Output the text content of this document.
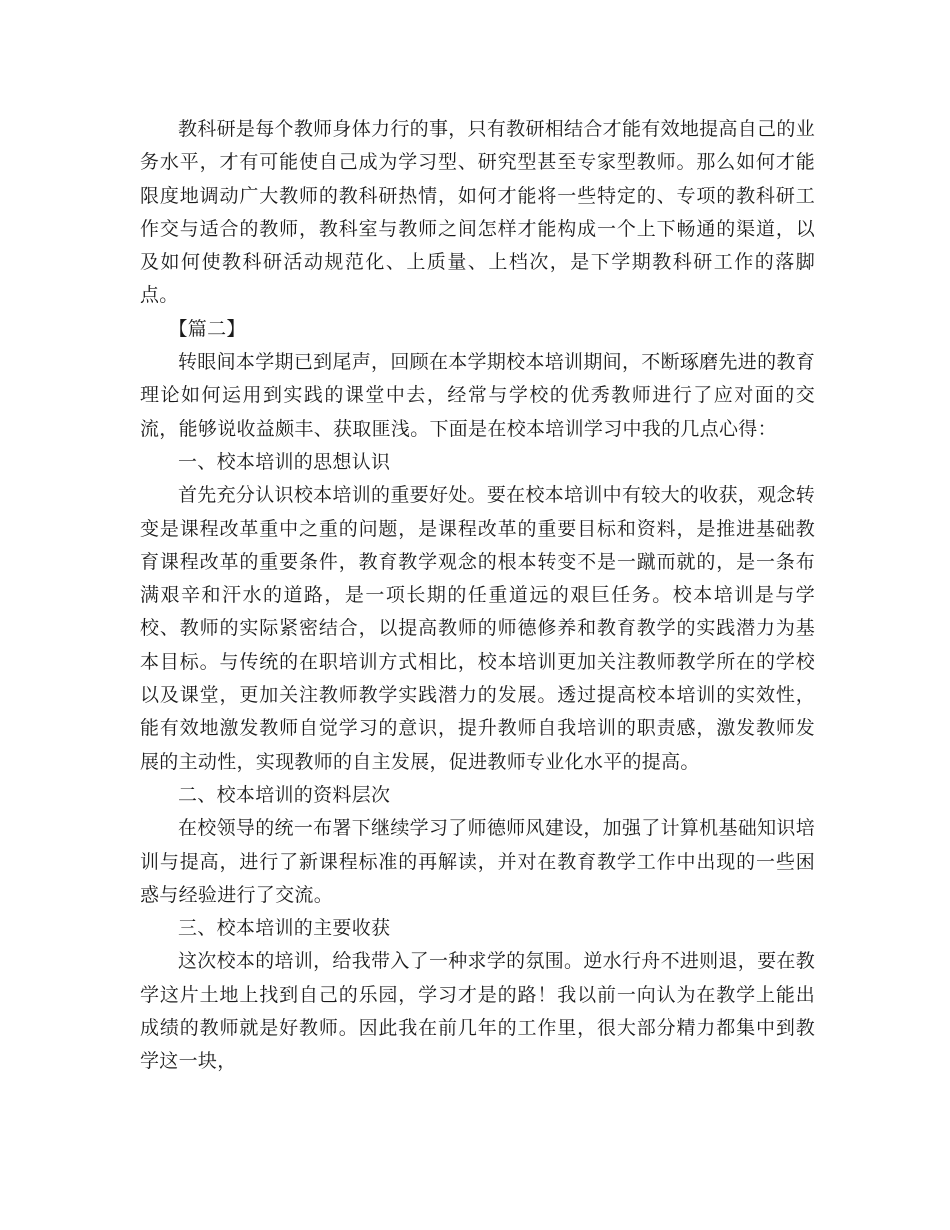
教科研是每个教师身体力行的事，只有教研相结合才能有效地提高自己的业务水平，才有可能使自己成为学习型、研究型甚至专家型教师。那么如何才能限度地调动广大教师的教科研热情，如何才能将一些特定的、专项的教科研工作交与适合的教师，教科室与教师之间怎样才能构成一个上下畅通的渠道，以及如何使教科研活动规范化、上质量、上档次，是下学期教科研工作的落脚点。

【篇二】

转眼间本学期已到尾声，回顾在本学期校本培训期间，不断琢磨先进的教育理论如何运用到实践的课堂中去，经常与学校的优秀教师进行了应对面的交流，能够说收益颇丰、获取匪浅。下面是在校本培训学习中我的几点心得：

一、校本培训的思想认识

首先充分认识校本培训的重要好处。要在校本培训中有较大的收获，观念转变是课程改革重中之重的问题，是课程改革的重要目标和资料，是推进基础教育课程改革的重要条件，教育教学观念的根本转变不是一蹴而就的，是一条布满艰辛和汗水的道路，是一项长期的任重道远的艰巨任务。校本培训是与学校、教师的实际紧密结合，以提高教师的师德修养和教育教学的实践潜力为基本目标。与传统的在职培训方式相比，校本培训更加关注教师教学所在的学校以及课堂，更加关注教师教学实践潜力的发展。透过提高校本培训的实效性，能有效地激发教师自觉学习的意识，提升教师自我培训的职责感，激发教师发展的主动性，实现教师的自主发展，促进教师专业化水平的提高。

二、校本培训的资料层次

在校领导的统一布署下继续学习了师德师风建设，加强了计算机基础知识培训与提高，进行了新课程标准的再解读，并对在教育教学工作中出现的一些困惑与经验进行了交流。

三、校本培训的主要收获

这次校本的培训，给我带入了一种求学的氛围。逆水行舟不进则退，要在教学这片土地上找到自己的乐园，学习才是的路！我以前一向认为在教学上能出成绩的教师就是好教师。因此我在前几年的工作里，很大部分精力都集中到教学这一块，
